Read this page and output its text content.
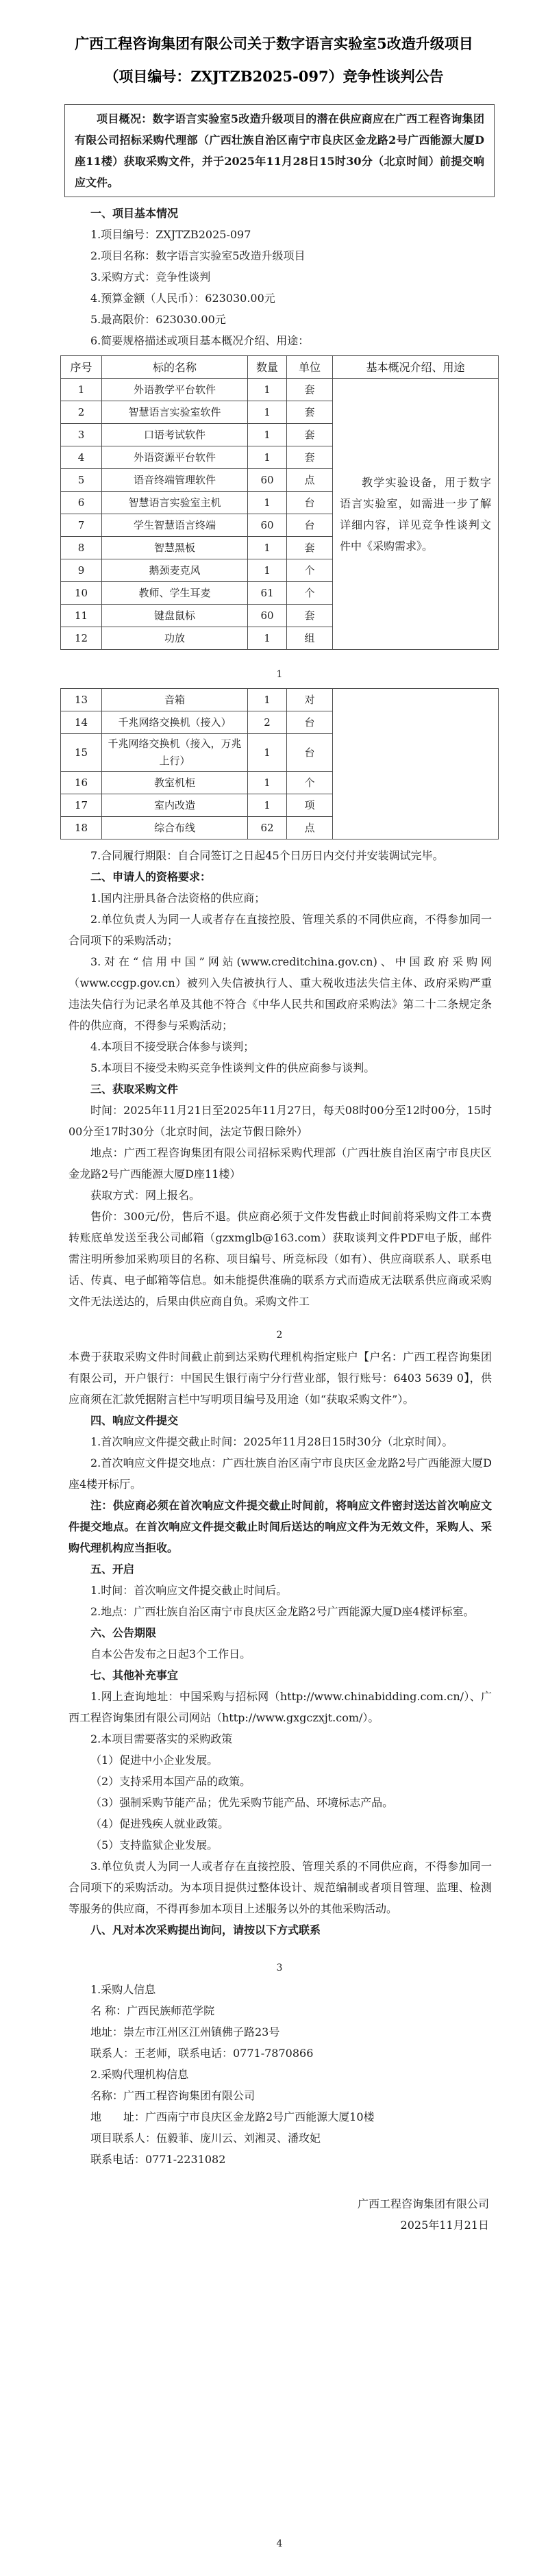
广西工程咨询集团有限公司关于数字语言实验室5改造升级项目
（项目编号：ZXJTZB2025-097）竞争性谈判公告

项目概况：数字语言实验室5改造升级项目的潜在供应商应在广西工程咨询集团有限公司招标采购代理部（广西壮族自治区南宁市良庆区金龙路2号广西能源大厦D座11楼）获取采购文件，并于2025年11月28日15时30分（北京时间）前提交响应文件。

一、项目基本情况

1.项目编号：ZXJTZB2025-097

2.项目名称：数字语言实验室5改造升级项目

3.采购方式：竞争性谈判

4.预算金额（人民币）：623030.00元

5.最高限价：623030.00元

6.简要规格描述或项目基本概况介绍、用途：

序号	标的名称	数量	单位
1	外语教学平台软件	1	套
2	智慧语言实验室软件	1	套
3	口语考试软件	1	套
4	外语资源平台软件	1	套
5	语音终端管理软件	60	点
6	智慧语言实验室主机	1	台
7	学生智慧语言终端	60	台
8	智慧黑板	1	套
9	鹅颈麦克风	1	个
10	教师、学生耳麦	61	个
11	键盘鼠标	60	套
12	功放	1	组
基本概况介绍、用途

教学实验设备，用于数字语言实验室，如需进一步了解详细内容，详见竞争性谈判文件中《采购需求》。

1
13	音箱	1	对
14	千兆网络交换机（接入）	2	台
15	千兆网络交换机（接入，万兆上行）	1	台
16	教室机柜	1	个
17	室内改造	1	项
18	综合布线	62	点

7.合同履行期限：自合同签订之日起45个日历日内交付并安装调试完毕。

二、申请人的资格要求：

1.国内注册具备合法资格的供应商；

2.单位负责人为同一人或者存在直接控股、管理关系的不同供应商，不得参加同一合同项下的采购活动；

3.对在“信用中国”网站(www.creditchina.gov.cn)、中国政府采购网（www.ccgp.gov.cn）被列入失信被执行人、重大税收违法失信主体、政府采购严重违法失信行为记录名单及其他不符合《中华人民共和国政府采购法》第二十二条规定条件的供应商，不得参与采购活动；

4.本项目不接受联合体参与谈判；

5.本项目不接受未购买竞争性谈判文件的供应商参与谈判。

三、获取采购文件

时间：2025年11月21日至2025年11月27日，每天08时00分至12时00分，15时00分至17时30分（北京时间，法定节假日除外）

地点：广西工程咨询集团有限公司招标采购代理部（广西壮族自治区南宁市良庆区金龙路2号广西能源大厦D座11楼）

获取方式：网上报名。

售价：300元/份，售后不退。供应商必须于文件发售截止时间前将采购文件工本费转账底单发送至我公司邮箱（gzxmglb@163.com）获取谈判文件PDF电子版，邮件需注明所参加采购项目的名称、项目编号、所竞标段（如有）、供应商联系人、联系电话、传真、电子邮箱等信息。如未能提供准确的联系方式而造成无法联系供应商或采购文件无法送达的，后果由供应商自负。采购文件工

2

本费于获取采购文件时间截止前到达采购代理机构指定账户【户名：广西工程咨询集团有限公司，开户银行：中国民生银行南宁分行营业部，银行账号：6403 5639 0】，供应商须在汇款凭据附言栏中写明项目编号及用途（如“获取采购文件”）。

四、响应文件提交

1.首次响应文件提交截止时间：2025年11月28日15时30分（北京时间）。

2.首次响应文件提交地点：广西壮族自治区南宁市良庆区金龙路2号广西能源大厦D座4楼开标厅。

注：供应商必须在首次响应文件提交截止时间前，将响应文件密封送达首次响应文件提交地点。在首次响应文件提交截止时间后送达的响应文件为无效文件，采购人、采购代理机构应当拒收。

五、开启

1.时间：首次响应文件提交截止时间后。

2.地点：广西壮族自治区南宁市良庆区金龙路2号广西能源大厦D座4楼评标室。

六、公告期限

自本公告发布之日起3个工作日。

七、其他补充事宜

1.网上查询地址：中国采购与招标网（http://www.chinabidding.com.cn/）、广西工程咨询集团有限公司网站（http://www.gxgczxjt.com/）。

2.本项目需要落实的采购政策

（1）促进中小企业发展。

（2）支持采用本国产品的政策。

（3）强制采购节能产品；优先采购节能产品、环境标志产品。

（4）促进残疾人就业政策。

（5）支持监狱企业发展。

3.单位负责人为同一人或者存在直接控股、管理关系的不同供应商，不得参加同一合同项下的采购活动。为本项目提供过整体设计、规范编制或者项目管理、监理、检测等服务的供应商，不得再参加本项目上述服务以外的其他采购活动。

八、凡对本次采购提出询问，请按以下方式联系

3

1.采购人信息

名 称：广西民族师范学院

地址：崇左市江州区江州镇佛子路23号

联系人：王老师，联系电话：0771-7870866

2.采购代理机构信息

名称：广西工程咨询集团有限公司

地　　址：广西南宁市良庆区金龙路2号广西能源大厦10楼

项目联系人：伍毅菲、庞川云、刘湘灵、潘玫妃

联系电话：0771-2231082

广西工程咨询集团有限公司

2025年11月21日

4
